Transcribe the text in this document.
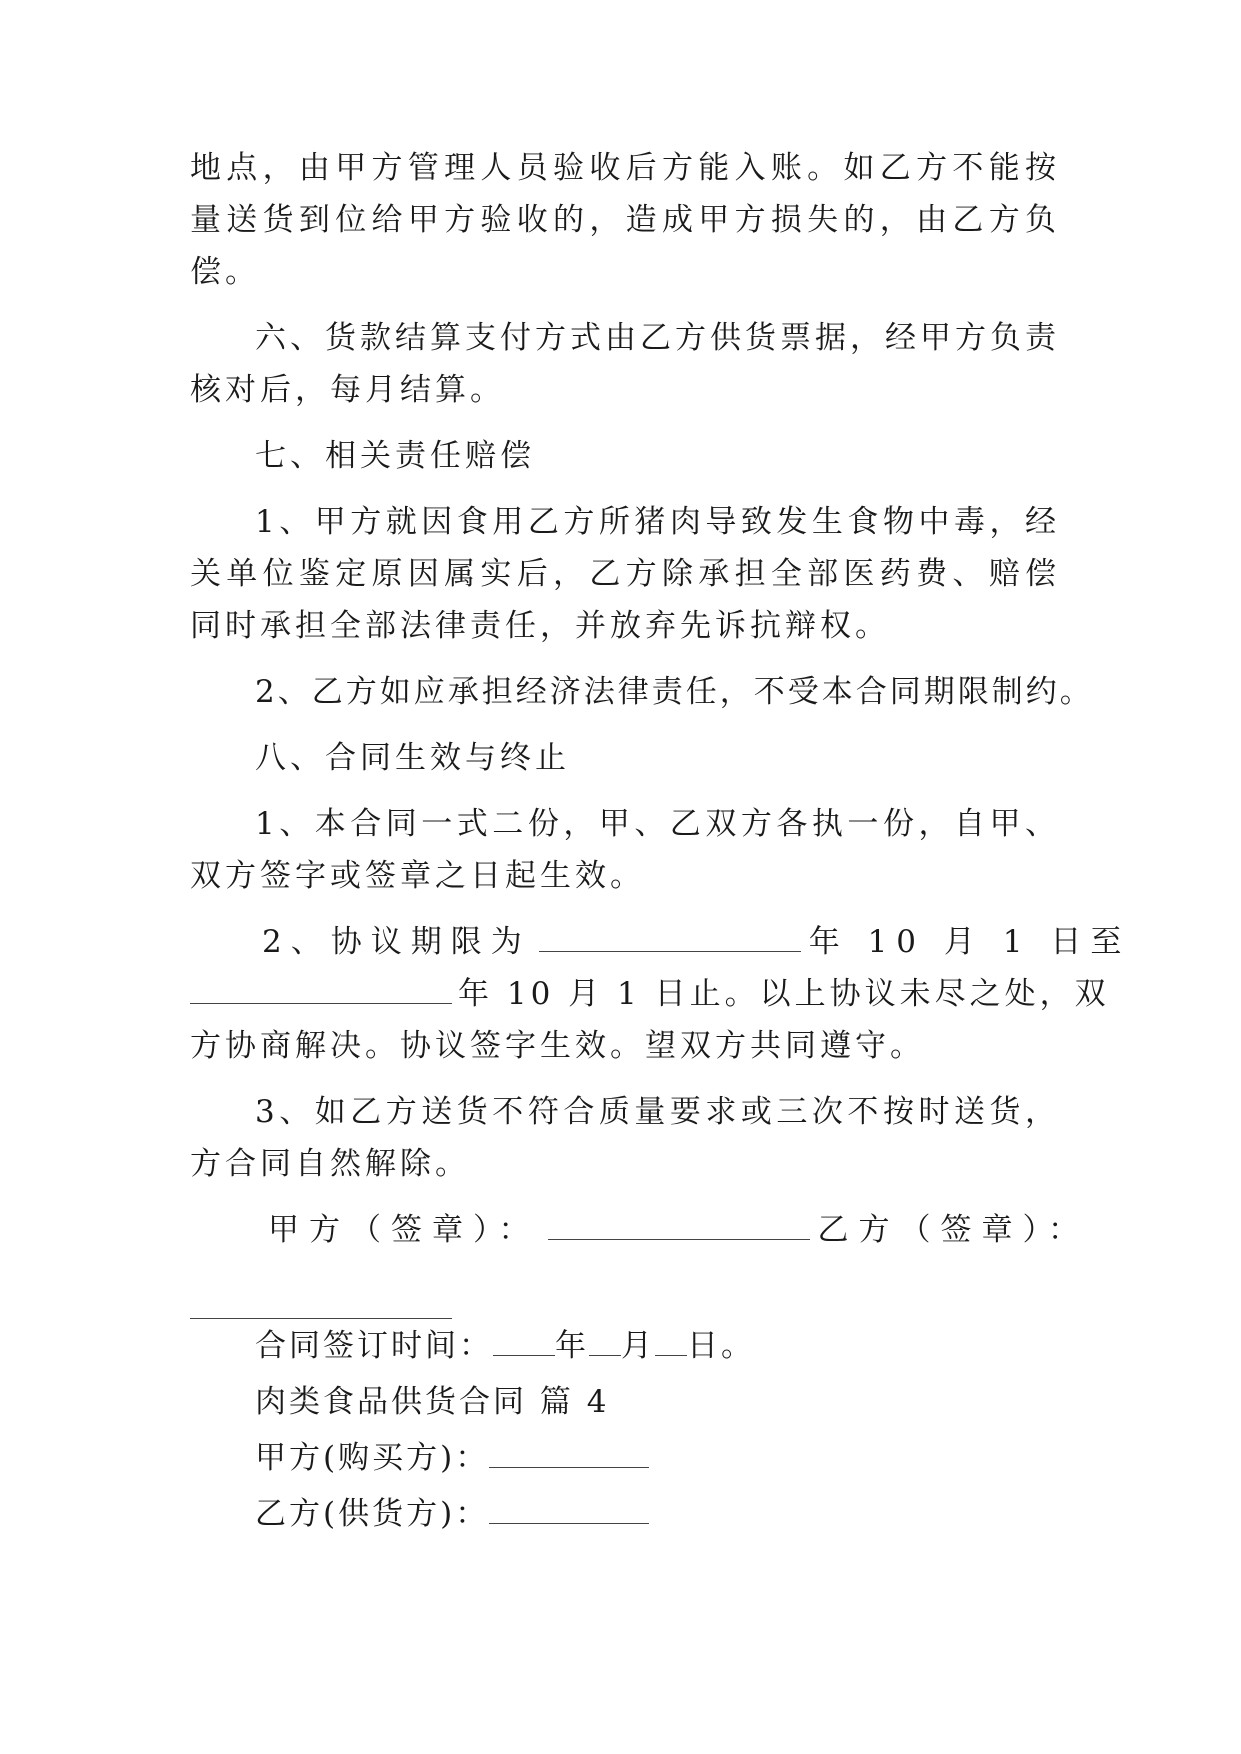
地点，由甲方管理人员验收后方能入账。如乙方不能按
量送货到位给甲方验收的，造成甲方损失的，由乙方负
偿。
六、货款结算支付方式由乙方供货票据，经甲方负责
核对后，每月结算。
七、相关责任赔偿
1、甲方就因食用乙方所猪肉导致发生食物中毒，经
关单位鉴定原因属实后，乙方除承担全部医药费、赔偿
同时承担全部法律责任，并放弃先诉抗辩权。
2、乙方如应承担经济法律责任，不受本合同期限制约。
八、合同生效与终止
1、本合同一式二份，甲、乙双方各执一份，自甲、
双方签字或签章之日起生效。
2、协议期限为	年 10 月 1 日至
年 10 月 1 日止。以上协议未尽之处，双
方协商解决。协议签字生效。望双方共同遵守。
3、如乙方送货不符合质量要求或三次不按时送货，
方合同自然解除。
甲方（签章）：	乙方（签章）：
合同签订时间： 年 月 日。
肉类食品供货合同 篇 4
甲方(购买方)：
乙方(供货方)：
